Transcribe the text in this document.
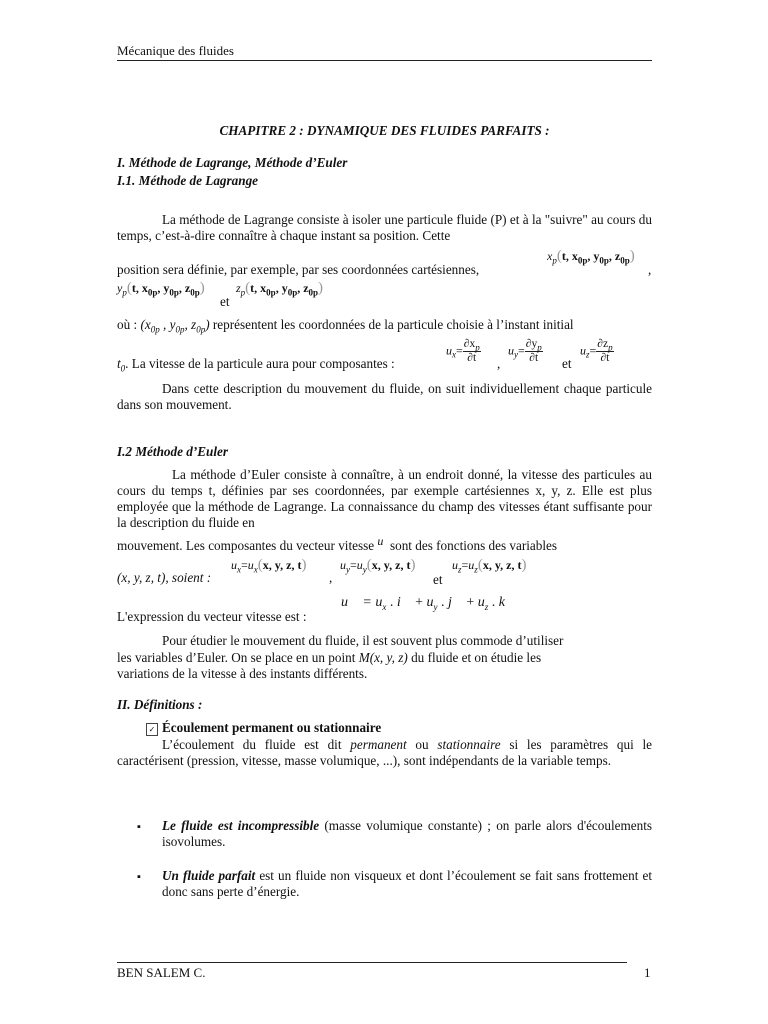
Mécanique des fluides
CHAPITRE 2 : DYNAMIQUE DES FLUIDES PARFAITS :
I. Méthode de Lagrange, Méthode d’Euler
I.1. Méthode de Lagrange
La méthode de Lagrange consiste à isoler une particule fluide (P) et à la "suivre" au cours du temps, c’est-à-dire connaître à chaque instant sa position. Cette
position sera définie, par exemple, par ses coordonnées cartésiennes,
$x_p(t$, $x_{0p}$, $y_{0p}$, $z_{0p}$)
,
$y_p(t$, $x_{0p}$, $y_{0p}$, $z_{0p}$)
et
$z_p(t$, $x_{0p}$, $y_{0p}$, $z_{0p}$)
où : ($x_{0p}$ , $y_{0p}$, $z_{0p}$) représentent les coordonnées de la particule choisie à l’instant initial
$t_0$. La vitesse de la particule aura pour composantes :
$u_x= \frac{\partial x_p}{\partial t}$ ,
$u_y= \frac{\partial y_p}{\partial t}$ et
$u_z= \frac{\partial z_p}{\partial t}$
Dans cette description du mouvement du fluide, on suit individuellement chaque particule dans son mouvement.
I.2 Méthode d’Euler
La méthode d’Euler consiste à connaître, à un endroit donné, la vitesse des particules au cours du temps t, définies par ses coordonnées, par exemple cartésiennes x, y, z. Elle est plus employée que la méthode de Lagrange. La connaissance du champ des vitesses étant suffisante pour la description du fluide en
mouvement. Les composantes du vecteur vitesse u sont des fonctions des variables
(x, y, z, t), soient :
$u_x=u_x(x$, y, z, t)
,
$u_y=u_y(x$, y, z, t)
et
$u_z=u_z(x$, y, z, t)
L'expression du vecteur vitesse est :
u⃗ = $u_x$ . i⃗ + $u_y$ . j⃗ + $u_z$ . k⃗
Pour étudier le mouvement du fluide, il est souvent plus commode d’utiliser
les variables d’Euler. On se place en un point M(x, y, z) du fluide et on étudie les
variations de la vitesse à des instants différents.
II. Définitions :
✓ Écoulement permanent ou stationnaire
L’écoulement du fluide est dit permanent ou stationnaire si les paramètres qui le caractérisent (pression, vitesse, masse volumique, ...), sont indépendants de la variable temps.
▪ Le fluide est incompressible (masse volumique constante) ; on parle alors d'écoulements isovolumes.
▪ Un fluide parfait est un fluide non visqueux et dont l’écoulement se fait sans frottement et donc sans perte d’énergie.
BEN SALEM C.	1
